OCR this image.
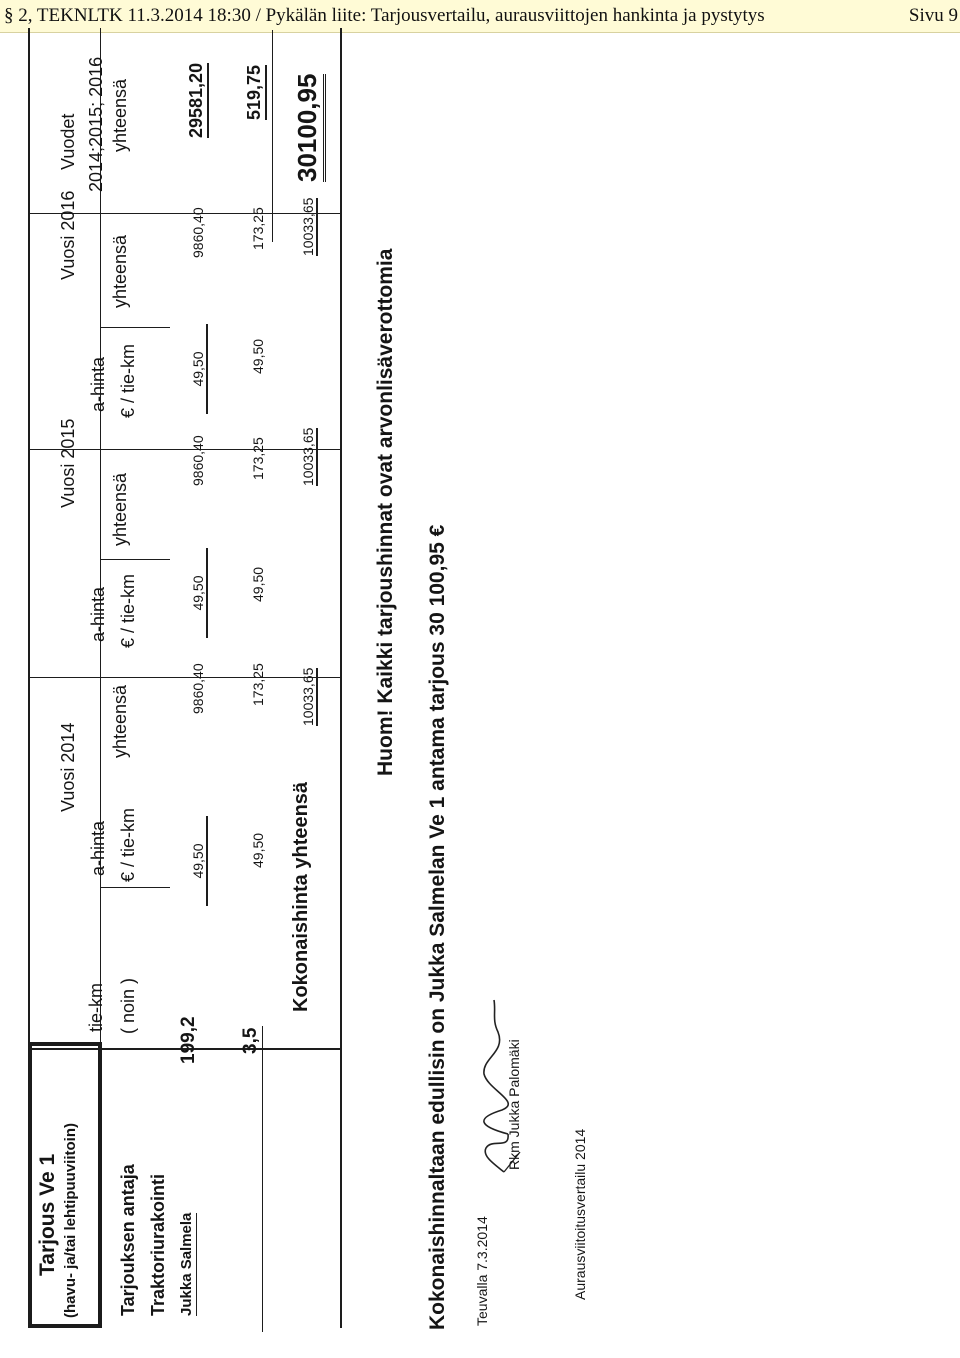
§ 2, TEKNLTK 11.3.2014 18:30 / Pykälän liite: Tarjousvertailu, aurausviittojen hankinta ja pystytys	Sivu 9
Tarjous Ve 1 (havu- ja/tai lehtipuuviitoin) Tarjouksen antaja Traktoriurakointi Jukka Salmela
tie-km ( noin )
Vuosi 2014
Vuosi 2015
Vuosi 2016
Vuodet 2014;2015; 2016
a-hinta € / tie-km
yhteensä
a-hinta € / tie-km
yhteensä
a-hinta € / tie-km
yhteensä
yhteensä
199,2
49,50
9860,40
49,50
9860,40
49,50
9860,40
29581,20
3,5
49,50
173,25
49,50
173,25
49,50
173,25
519,75
Kokonaishinta yhteensä
10033,65
10033,65
10033,65
30100,95
Huom! Kaikki tarjoushinnat ovat arvonlisäverottomia
Kokonaishinnaltaan edullisin on Jukka Salmelan Ve 1 antama tarjous 30 100,95 € Teuvalla 7.3.2014
Rkm Jukka Palomäki
Aurausviitoitusvertailu 2014
